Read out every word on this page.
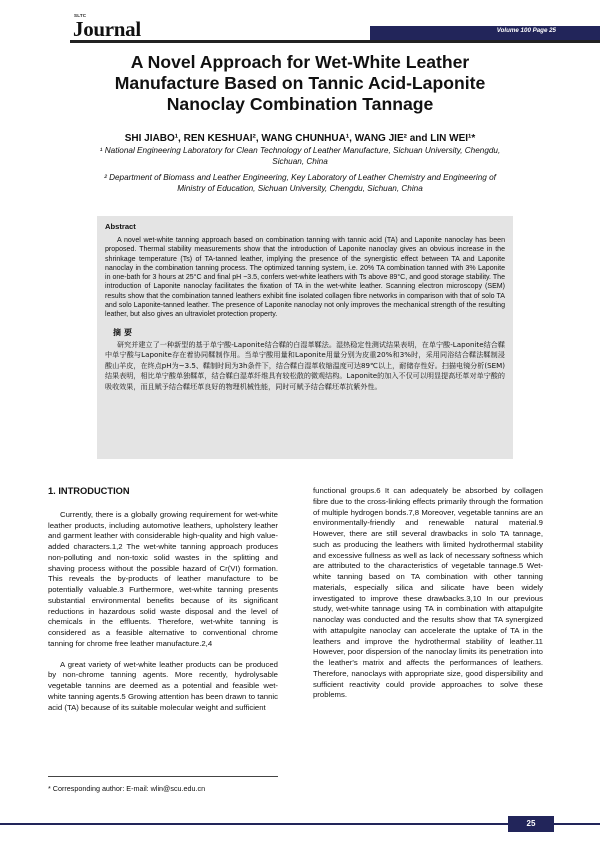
SLTC
Journal	Volume 100 Page 25
A Novel Approach for Wet-White Leather Manufacture Based on Tannic Acid-Laponite Nanoclay Combination Tannage
SHI JIABO¹, REN KESHUAI², WANG CHUNHUA¹, WANG JIE² and LIN WEI¹*
¹ National Engineering Laboratory for Clean Technology of Leather Manufacture, Sichuan University, Chengdu, Sichuan, China
² Department of Biomass and Leather Engineering, Key Laboratory of Leather Chemistry and Engineering of Ministry of Education, Sichuan University, Chengdu, Sichuan, China
Abstract

A novel wet-white tanning approach based on combination tanning with tannic acid (TA) and Laponite nanoclay has been proposed. Thermal stability measurements show that the introduction of Laponite nanoclay gives an obvious increase in the shrinkage temperature (Ts) of TA-tanned leather, implying the presence of the synergistic effect between TA and Laponite nanoclay in the combination tanning process. The optimized tanning system, i.e. 20% TA combination tanned with 3% Laponite in one-bath for 3 hours at 25°C and final pH ~3.5, confers wet-white leathers with Ts above 89°C, and good storage stability. The introduction of Laponite nanoclay facilitates the fixation of TA in the wet-white leather. Scanning electron microscopy (SEM) results show that the combination tanned leathers exhibit fine isolated collagen fibre networks in comparison with that of solo TA and solo Laponite-tanned leather. The presence of Laponite nanoclay not only improves the mechanical strength of the resulting leather, but also gives an ultraviolet protection property.

摘要

研究并建立了一种新型的基于单宁酸-Laponite结合鞣的白湿革鞣法。湿热稳定性测试结果表明，在单宁酸-Laponite结合鞣中单宁酸与Laponite存在着协同鞣制作用。当单宁酸用量和Laponite用量分别为皮重20%和3%时，采用同浴结合鞣法鞣制浸酸山羊皮，在终点pH为~3.5、鞣制时间为3h条件下，结合鞣白湿革收缩温度可达89℃以上，耐储存性好。扫描电镜分析(SEM)结果表明，相比单宁酸单独鞣革，结合鞣白湿革纤维具有较松散的微观结构。Laponite的加入不仅可以明显提高坯革对单宁酸的吸收效果，而且赋予结合鞣坯革良好的物理机械性能，同时可赋予结合鞣坯革抗紫外性。

1. INTRODUCTION

Currently, there is a globally growing requirement for wet-white leather products, including automotive leathers, upholstery leather and garment leather with considerable high-quality and high value-added characters.1,2 The wet-white tanning approach produces non-polluting and non-toxic solid wastes in the splitting and shaving process without the possible hazard of Cr(VI) formation. This reveals the by-products of leather manufacture to be potentially valuable.3 Furthermore, wet-white tanning presents substantial environmental benefits because of its significant reductions in hazardous solid waste disposal and the level of chemicals in the effluents. Therefore, wet-white tanning is considered as a feasible alternative to conventional chrome tanning for chrome free leather manufacture.2,4

A great variety of wet-white leather products can be produced by non-chrome tanning agents. More recently, hydrolysable vegetable tannins are deemed as a potential and feasible wet-white tanning agents.5 Growing attention has been drawn to tannic acid (TA) because of its suitable molecular weight and sufficient

functional groups.6 It can adequately be absorbed by collagen fibre due to the cross-linking effects primarily through the formation of multiple hydrogen bonds.7,8 Moreover, vegetable tannins are an environmentally-friendly and renewable natural material.9 However, there are still several drawbacks in solo TA tannage, such as producing the leathers with limited hydrothermal stability and excessive fullness as well as lack of necessary softness which are attributed to the characteristics of vegetable tannage.5 Wet-white tanning based on TA combination with other tanning materials, especially silica and silicate have been widely investigated to improve these drawbacks.3,10 In our previous study, wet-white tannage using TA in combination with attapulgite nanoclay was conducted and the results show that TA synergized with attapulgite nanoclay can accelerate the uptake of TA in the leathers and improve the hydrothermal stability of leather.11 However, poor dispersion of the nanoclay limits its penetration into the leather's matrix and affects the performances of leathers. Therefore, nanoclays with appropriate size, good dispersibility and sufficient reactivity could provide approaches to solve these problems.

* Corresponding author: E-mail: wlin@scu.edu.cn
25
